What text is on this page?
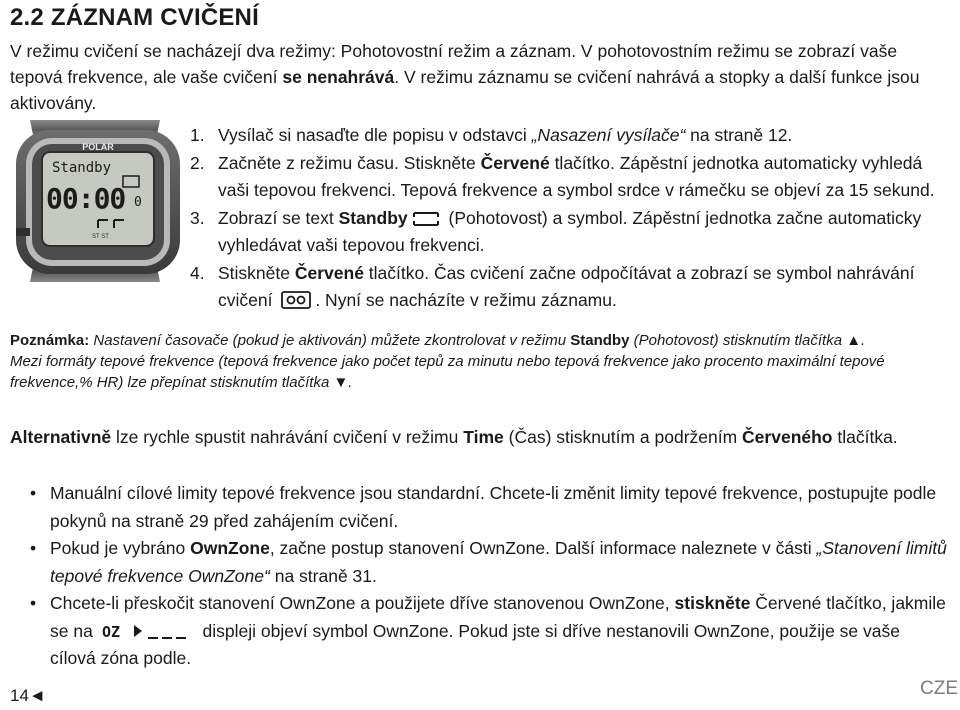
2.2 ZÁZNAM CVIČENÍ
V režimu cvičení se nacházejí dva režimy: Pohotovostní režim a záznam. V pohotovostním režimu se zobrazí vaše tepová frekvence, ale vaše cvičení se nenahrává. V režimu záznamu se cvičení nahrává a stopky a další funkce jsou aktivovány.
POLAR
Standby
00:00 0
ST ST
1. Vysílač si nasaďte dle popisu v odstavci „Nasazení vysílače“ na straně 12.
2. Začněte z režimu času. Stiskněte Červené tlačítko. Zápěstní jednotka automaticky vyhledá vaši tepovou frekvenci. Tepová frekvence a symbol srdce v rámečku se objeví za 15 sekund.
3. Zobrazí se text Standby (Pohotovost) a symbol. Zápěstní jednotka začne automaticky vyhledávat vaši tepovou frekvenci.
4. Stiskněte Červené tlačítko. Čas cvičení začne odpočítávat a zobrazí se symbol nahrávání cvičení . Nyní se nacházíte v režimu záznamu.
Poznámka: Nastavení časovače (pokud je aktivován) můžete zkontrolovat v režimu Standby (Pohotovost) stisknutím tlačítka ▲.
Mezi formáty tepové frekvence (tepová frekvence jako počet tepů za minutu nebo tepová frekvence jako procento maximální tepové frekvence,% HR) lze přepínat stisknutím tlačítka ▼.
Alternativně lze rychle spustit nahrávání cvičení v režimu Time (Čas) stisknutím a podržením Červeného tlačítka.
• Manuální cílové limity tepové frekvence jsou standardní. Chcete-li změnit limity tepové frekvence, postupujte podle pokynů na straně 29 před zahájením cvičení.
• Pokud je vybráno OwnZone, začne postup stanovení OwnZone. Další informace naleznete v části „Stanovení limitů tepové frekvence OwnZone“ na straně 31.
• Chcete-li přeskočit stanovení OwnZone a použijete dříve stanovenou OwnZone, stiskněte Červené tlačítko, jakmile se na OZ	displeji objeví symbol OwnZone. Pokud jste si dříve nestanovili OwnZone, použije se vaše cílová zóna podle.
14◄	CZE
